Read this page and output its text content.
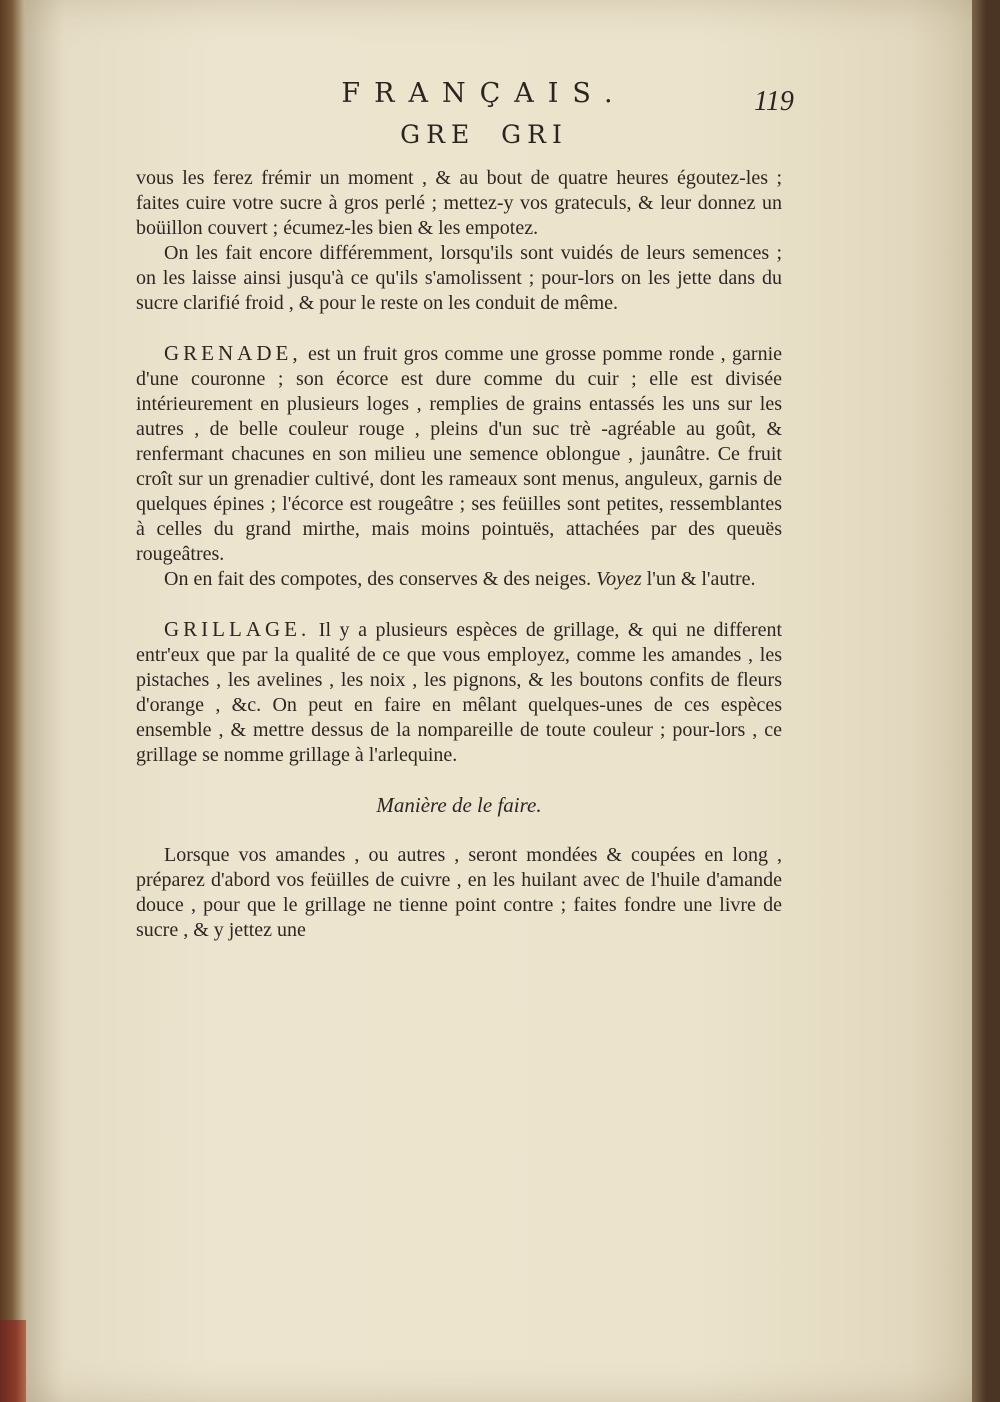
FRANÇAIS.	119
GRE GRI

vous les ferez frémir un moment , & au bout de quatre heures égoutez-les ; faites cuire votre sucre à gros perlé ; mettez-y vos grateculs, & leur donnez un boüillon couvert ; écumez-les bien & les empotez.

On les fait encore différemment, lorsqu'ils sont vuidés de leurs semences ; on les laisse ainsi jusqu'à ce qu'ils s'amolissent ; pour-lors on les jette dans du sucre clarifié froid , & pour le reste on les conduit de même.

GRENADE, est un fruit gros comme une grosse pomme ronde , garnie d'une couronne ; son écorce est dure comme du cuir ; elle est divisée intérieurement en plusieurs loges , remplies de grains entassés les uns sur les autres , de belle couleur rouge , pleins d'un suc trè -agréable au goût, & renfermant chacunes en son milieu une semence oblongue , jaunâtre. Ce fruit croît sur un grenadier cultivé, dont les rameaux sont menus, anguleux, garnis de quelques épines ; l'écorce est rougeâtre ; ses feüilles sont petites, ressemblantes à celles du grand mirthe, mais moins pointuës, attachées par des queuës rougeâtres.

On en fait des compotes, des conserves & des neiges. Voyez l'un & l'autre.

GRILLAGE. Il y a plusieurs espèces de grillage, & qui ne different entr'eux que par la qualité de ce que vous employez, comme les amandes , les pistaches , les avelines , les noix , les pignons, & les boutons confits de fleurs d'orange , &c. On peut en faire en mêlant quelques-unes de ces espèces ensemble , & mettre dessus de la nompareille de toute couleur ; pour-lors , ce grillage se nomme grillage à l'arlequine.

Manière de le faire.

Lorsque vos amandes , ou autres , seront mondées & coupées en long , préparez d'abord vos feüilles de cuivre , en les huilant avec de l'huile d'amande douce , pour que le grillage ne tienne point contre ; faites fondre une livre de sucre , & y jettez une
